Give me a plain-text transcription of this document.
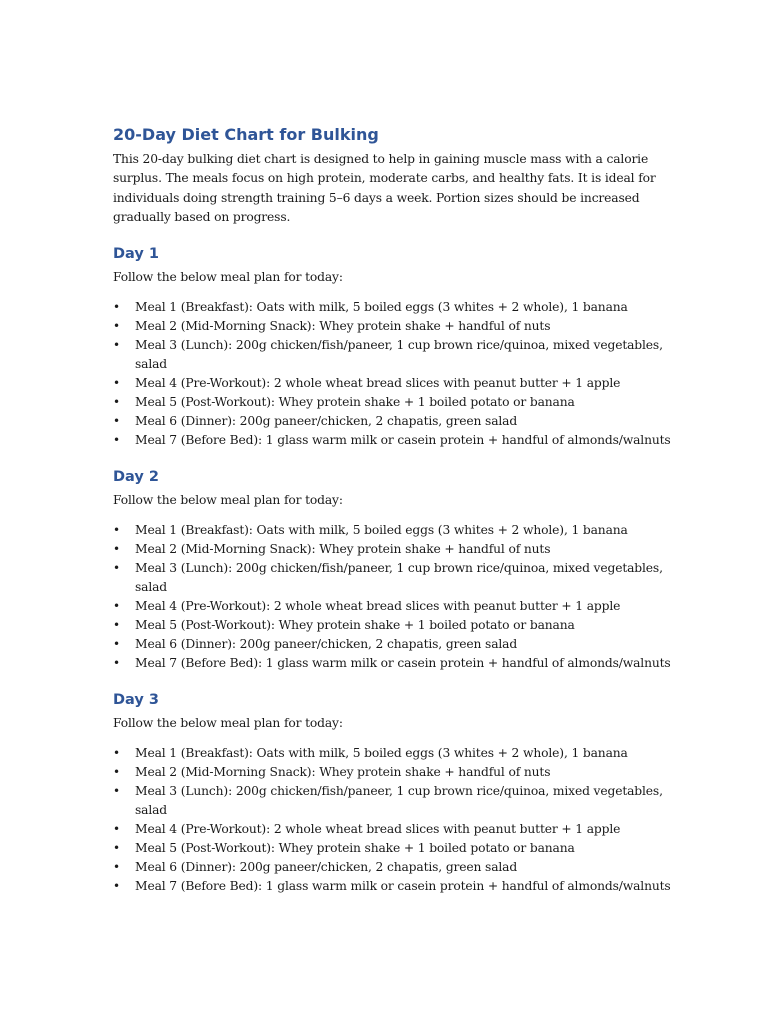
20-Day Diet Chart for Bulking

This 20-day bulking diet chart is designed to help in gaining muscle mass with a calorie surplus. The meals focus on high protein, moderate carbs, and healthy fats. It is ideal for individuals doing strength training 5–6 days a week. Portion sizes should be increased gradually based on progress.

Day 1

Follow the below meal plan for today:

• Meal 1 (Breakfast): Oats with milk, 5 boiled eggs (3 whites + 2 whole), 1 banana
• Meal 2 (Mid-Morning Snack): Whey protein shake + handful of nuts
• Meal 3 (Lunch): 200g chicken/fish/paneer, 1 cup brown rice/quinoa, mixed vegetables, salad
• Meal 4 (Pre-Workout): 2 whole wheat bread slices with peanut butter + 1 apple
• Meal 5 (Post-Workout): Whey protein shake + 1 boiled potato or banana
• Meal 6 (Dinner): 200g paneer/chicken, 2 chapatis, green salad
• Meal 7 (Before Bed): 1 glass warm milk or casein protein + handful of almonds/walnuts
Day 2

Follow the below meal plan for today:

• Meal 1 (Breakfast): Oats with milk, 5 boiled eggs (3 whites + 2 whole), 1 banana
• Meal 2 (Mid-Morning Snack): Whey protein shake + handful of nuts
• Meal 3 (Lunch): 200g chicken/fish/paneer, 1 cup brown rice/quinoa, mixed vegetables, salad
• Meal 4 (Pre-Workout): 2 whole wheat bread slices with peanut butter + 1 apple
• Meal 5 (Post-Workout): Whey protein shake + 1 boiled potato or banana
• Meal 6 (Dinner): 200g paneer/chicken, 2 chapatis, green salad
• Meal 7 (Before Bed): 1 glass warm milk or casein protein + handful of almonds/walnuts
Day 3

Follow the below meal plan for today:

• Meal 1 (Breakfast): Oats with milk, 5 boiled eggs (3 whites + 2 whole), 1 banana
• Meal 2 (Mid-Morning Snack): Whey protein shake + handful of nuts
• Meal 3 (Lunch): 200g chicken/fish/paneer, 1 cup brown rice/quinoa, mixed vegetables, salad
• Meal 4 (Pre-Workout): 2 whole wheat bread slices with peanut butter + 1 apple
• Meal 5 (Post-Workout): Whey protein shake + 1 boiled potato or banana
• Meal 6 (Dinner): 200g paneer/chicken, 2 chapatis, green salad
• Meal 7 (Before Bed): 1 glass warm milk or casein protein + handful of almonds/walnuts
